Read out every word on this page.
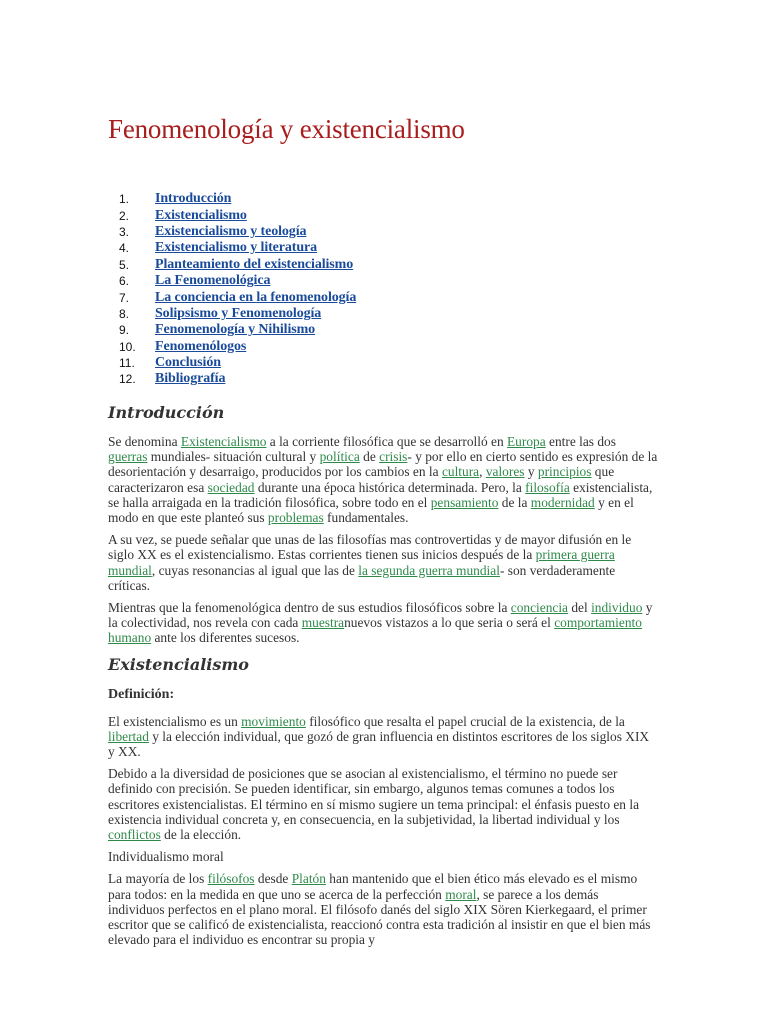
Fenomenología y existencialismo
1.	Introducción
2.	Existencialismo
3.	Existencialismo y teología
4.	Existencialismo y literatura
5.	Planteamiento del existencialismo
6.	La Fenomenológica
7.	La conciencia en la fenomenología
8.	Solipsismo y Fenomenología
9.	Fenomenología y Nihilismo
10.	Fenomenólogos
11.	Conclusión
12.	Bibliografía
Introducción

Se denomina Existencialismo a la corriente filosófica que se desarrolló en Europa entre las dos guerras mundiales- situación cultural y política de crisis- y por ello en cierto sentido es expresión de la desorientación y desarraigo, producidos por los cambios en la cultura, valores y principios que caracterizaron esa sociedad durante una época histórica determinada. Pero, la filosofía existencialista, se halla arraigada en la tradición filosófica, sobre todo en el pensamiento de la modernidad y en el modo en que este planteó sus problemas fundamentales.

A su vez, se puede señalar que unas de las filosofías mas controvertidas y de mayor difusión en le siglo XX es el existencialismo. Estas corrientes tienen sus inicios después de la primera guerra mundial, cuyas resonancias al igual que las de la segunda guerra mundial- son verdaderamente críticas.

Mientras que la fenomenológica dentro de sus estudios filosóficos sobre la conciencia del individuo y la colectividad, nos revela con cada muestranuevos vistazos a lo que seria o será el comportamiento humano ante los diferentes sucesos.

Existencialismo
Definición:

El existencialismo es un movimiento filosófico que resalta el papel crucial de la existencia, de la libertad y la elección individual, que gozó de gran influencia en distintos escritores de los siglos XIX y XX.

Debido a la diversidad de posiciones que se asocian al existencialismo, el término no puede ser definido con precisión. Se pueden identificar, sin embargo, algunos temas comunes a todos los escritores existencialistas. El término en sí mismo sugiere un tema principal: el énfasis puesto en la existencia individual concreta y, en consecuencia, en la subjetividad, la libertad individual y los conflictos de la elección.

Individualismo moral

La mayoría de los filósofos desde Platón han mantenido que el bien ético más elevado es el mismo para todos: en la medida en que uno se acerca de la perfección moral, se parece a los demás individuos perfectos en el plano moral. El filósofo danés del siglo XIX Sören Kierkegaard, el primer escritor que se calificó de existencialista, reaccionó contra esta tradición al insistir en que el bien más elevado para el individuo es encontrar su propia y
